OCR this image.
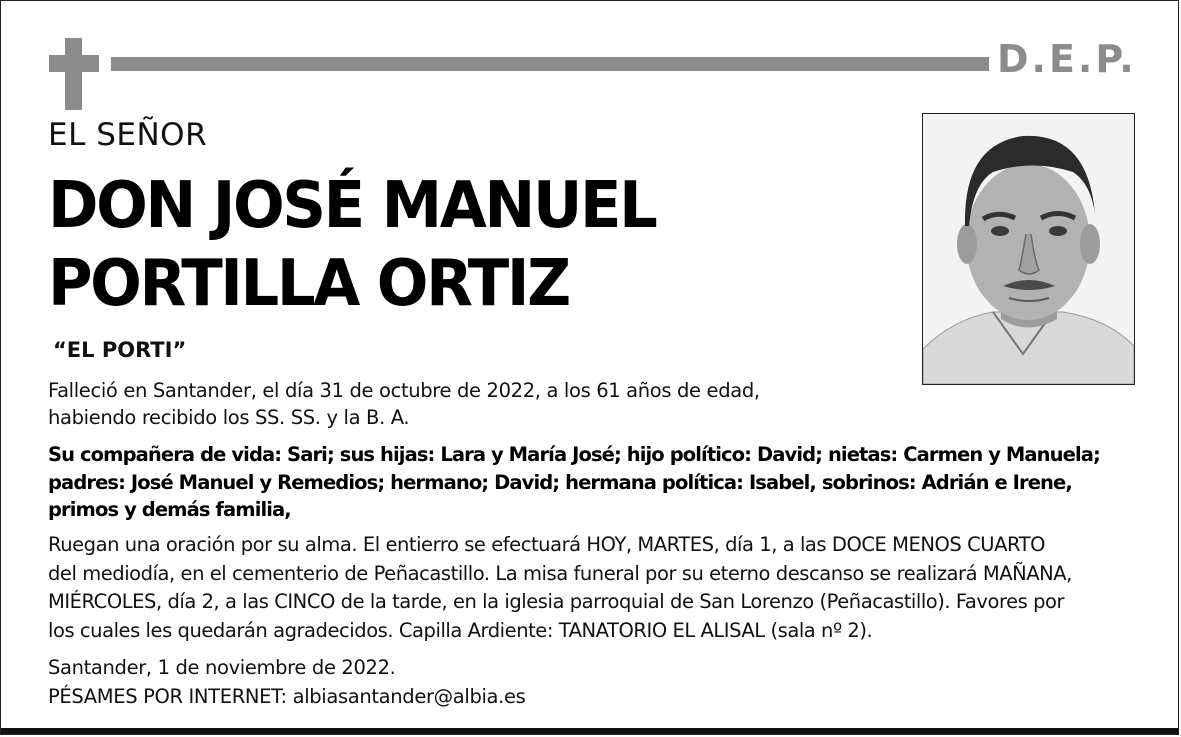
D.E.P.
EL SEÑOR
DON JOSÉ MANUEL
PORTILLA ORTIZ
“EL PORTI”
Falleció en Santander, el día 31 de octubre de 2022, a los 61 años de edad,
habiendo recibido los SS. SS. y la B. A.
Su compañera de vida: Sari; sus hijas: Lara y María José; hijo político: David; nietas: Carmen y Manuela;
padres: José Manuel y Remedios; hermano; David; hermana política: Isabel, sobrinos: Adrián e Irene,
primos y demás familia,
Ruegan una oración por su alma. El entierro se efectuará HOY, MARTES, día 1, a las DOCE MENOS CUARTO
del mediodía, en el cementerio de Peñacastillo. La misa funeral por su eterno descanso se realizará MAÑANA,
MIÉRCOLES, día 2, a las CINCO de la tarde, en la iglesia parroquial de San Lorenzo (Peñacastillo). Favores por
los cuales les quedarán agradecidos. Capilla Ardiente: TANATORIO EL ALISAL (sala nº 2).
Santander, 1 de noviembre de 2022.
PÉSAMES POR INTERNET: albiasantander@albia.es
